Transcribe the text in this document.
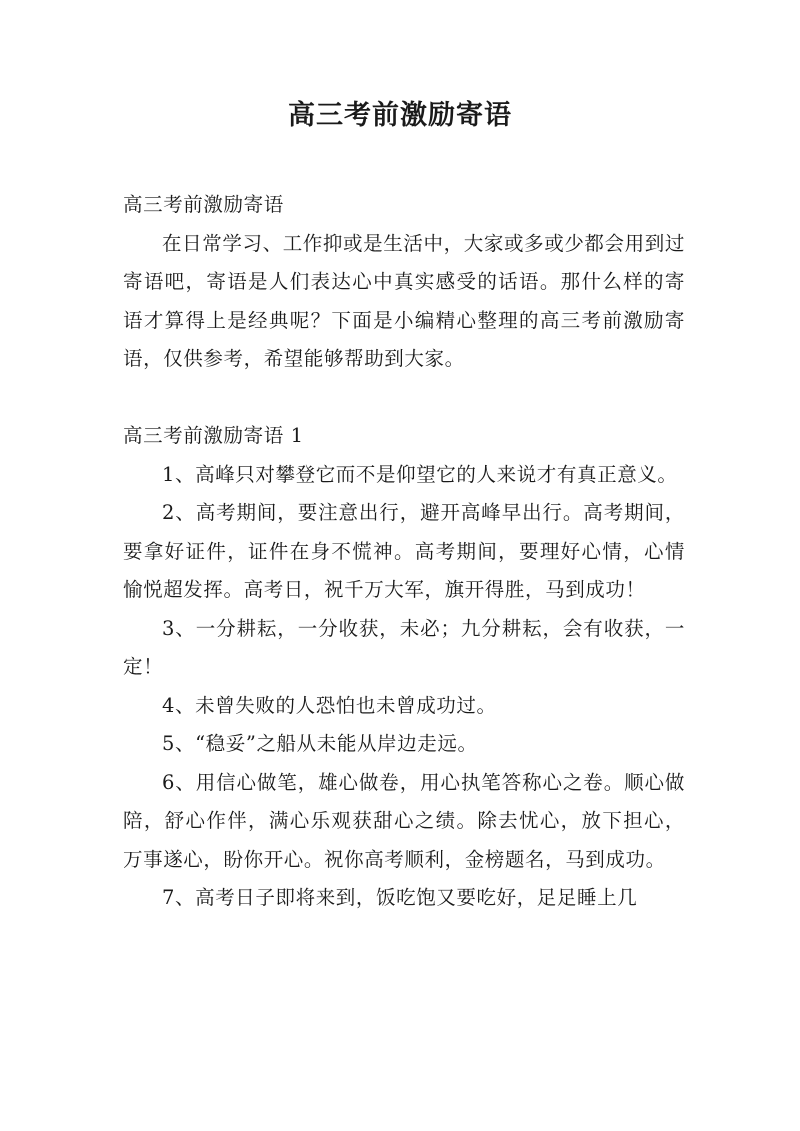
高三考前激励寄语

高三考前激励寄语

在日常学习、工作抑或是生活中，大家或多或少都会用到过寄语吧，寄语是人们表达心中真实感受的话语。那什么样的寄语才算得上是经典呢？下面是小编精心整理的高三考前激励寄语，仅供参考，希望能够帮助到大家。

高三考前激励寄语 1

1、高峰只对攀登它而不是仰望它的人来说才有真正意义。

2、高考期间，要注意出行，避开高峰早出行。高考期间，要拿好证件，证件在身不慌神。高考期间，要理好心情，心情愉悦超发挥。高考日，祝千万大军，旗开得胜，马到成功！

3、一分耕耘，一分收获，未必；九分耕耘，会有收获，一定！

4、未曾失败的人恐怕也未曾成功过。

5、“稳妥”之船从未能从岸边走远。

6、用信心做笔，雄心做卷，用心执笔答称心之卷。顺心做陪，舒心作伴，满心乐观获甜心之绩。除去忧心，放下担心，万事遂心，盼你开心。祝你高考顺利，金榜题名，马到成功。

7、高考日子即将来到，饭吃饱又要吃好，足足睡上几
